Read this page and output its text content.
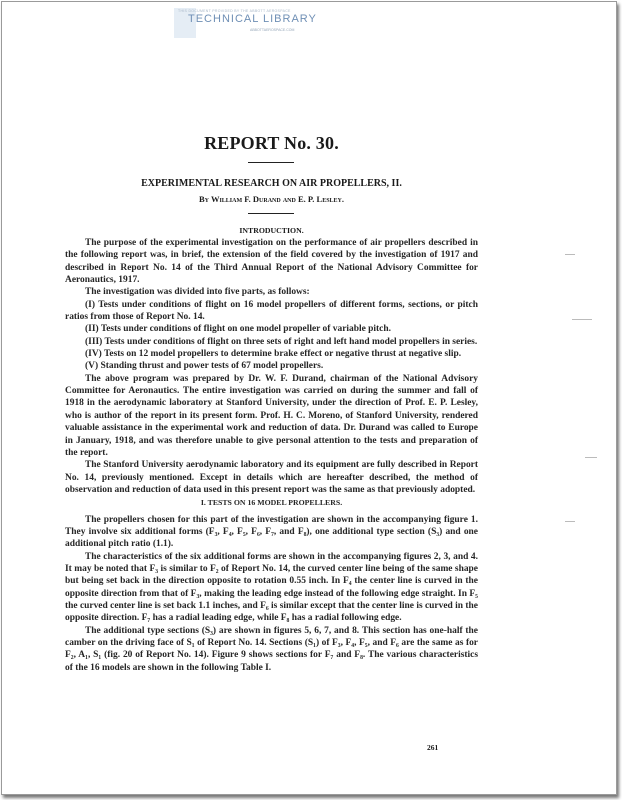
THIS DOCUMENT PROVIDED BY THE ABBOTT AEROSPACE
TECHNICAL LIBRARY
ABBOTTAEROSPACE.COM
REPORT No. 30.
EXPERIMENTAL RESEARCH ON AIR PROPELLERS, II.
By William F. Durand and E. P. Lesley.
INTRODUCTION.

The purpose of the experimental investigation on the performance of air propellers described in the following report was, in brief, the extension of the field covered by the investigation of 1917 and described in Report No. 14 of the Third Annual Report of the National Advisory Committee for Aeronautics, 1917.

The investigation was divided into five parts, as follows:

(I) Tests under conditions of flight on 16 model propellers of different forms, sections, or pitch ratios from those of Report No. 14.

(II) Tests under conditions of flight on one model propeller of variable pitch.

(III) Tests under conditions of flight on three sets of right and left hand model propellers in series.

(IV) Tests on 12 model propellers to determine brake effect or negative thrust at negative slip.

(V) Standing thrust and power tests of 67 model propellers.

The above program was prepared by Dr. W. F. Durand, chairman of the National Advisory Committee for Aeronautics. The entire investigation was carried on during the summer and fall of 1918 in the aerodynamic laboratory at Stanford University, under the direction of Prof. E. P. Lesley, who is author of the report in its present form. Prof. H. C. Moreno, of Stanford University, rendered valuable assistance in the experimental work and reduction of data. Dr. Durand was called to Europe in January, 1918, and was therefore unable to give personal attention to the tests and preparation of the report.

The Stanford University aerodynamic laboratory and its equipment are fully described in Report No. 14, previously mentioned. Except in details which are hereafter described, the method of observation and reduction of data used in this present report was the same as that previously adopted.

I. TESTS ON 16 MODEL PROPELLERS.

The propellers chosen for this part of the investigation are shown in the accompanying figure 1. They involve six additional forms (F₃, F₄, F₅, F₆, F₇, and F₈), one additional type section (S₃) and one additional pitch ratio (1.1).

The characteristics of the six additional forms are shown in the accompanying figures 2, 3, and 4. It may be noted that F₃ is similar to F₂ of Report No. 14, the curved center line being of the same shape but being set back in the direction opposite to rotation 0.55 inch. In F₄ the center line is curved in the opposite direction from that of F₃, making the leading edge instead of the following edge straight. In F₅ the curved center line is set back 1.1 inches, and F₆ is similar except that the center line is curved in the opposite direction. F₇ has a radial leading edge, while F₈ has a radial following edge.

The additional type sections (S₃) are shown in figures 5, 6, 7, and 8. This section has one-half the camber on the driving face of S₁ of Report No. 14. Sections (S₁) of F₃, F₄, F₅, and F₆ are the same as for F₂, A₁, S₁ (fig. 20 of Report No. 14). Figure 9 shows sections for F₇ and F₈. The various characteristics of the 16 models are shown in the following Table I.

261
